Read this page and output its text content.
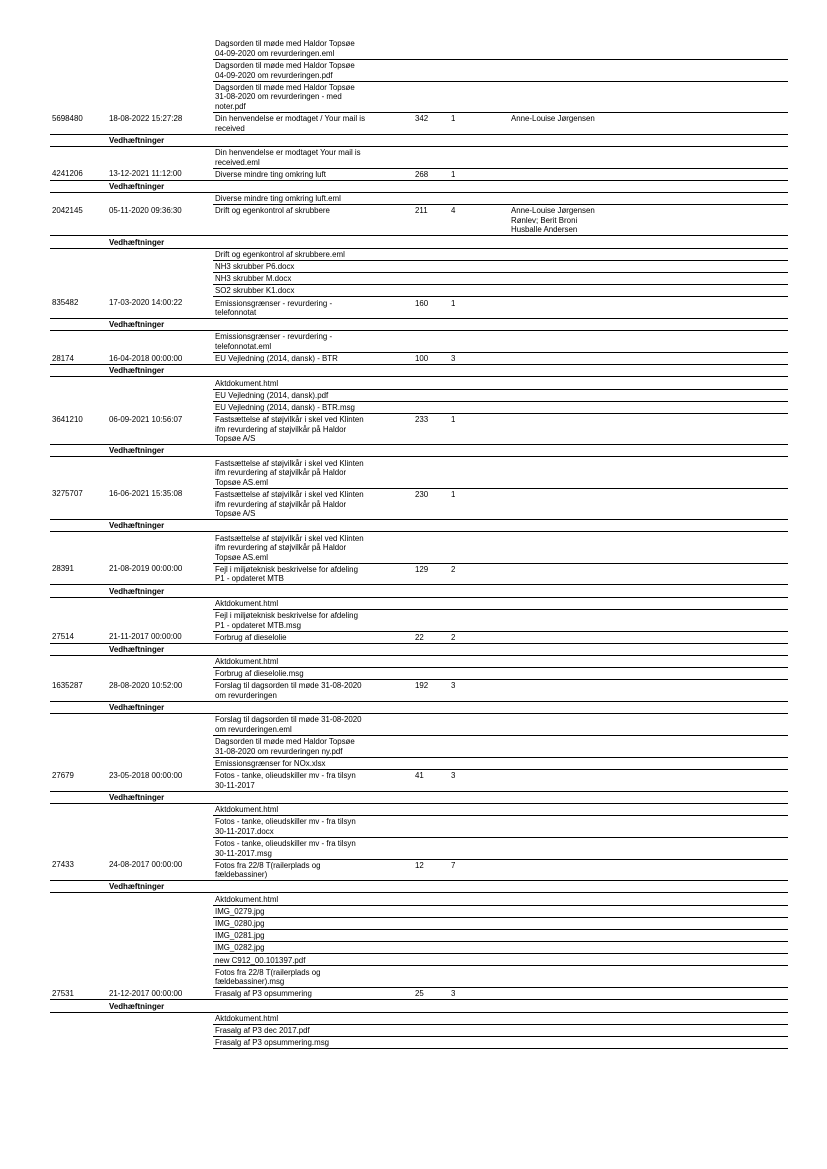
		Dagsorden til møde med Haldor Topsøe
04-09-2020 om revurderingen.eml			
		Dagsorden til møde med Haldor Topsøe
04-09-2020 om revurderingen.pdf			
		Dagsorden til møde med Haldor Topsøe
31-08-2020 om revurderingen - med
noter.pdf			
5698480	18-08-2022 15:27:28	Din henvendelse er modtaget / Your mail is
received	342	1	Anne-Louise Jørgensen
	Vedhæftninger				
		Din henvendelse er modtaget Your mail is
received.eml			
4241206	13-12-2021 11:12:00	Diverse mindre ting omkring luft	268	1	
	Vedhæftninger				
		Diverse mindre ting omkring luft.eml			
2042145	05-11-2020 09:36:30	Drift og egenkontrol af skrubbere	211	4	Anne-Louise Jørgensen
Rønlev; Berit Broni
Husballe Andersen
	Vedhæftninger				
		Drift og egenkontrol af skrubbere.eml			
		NH3 skrubber P6.docx			
		NH3 skrubber M.docx			
		SO2 skrubber K1.docx			
835482	17-03-2020 14:00:22	Emissionsgrænser - revurdering -
telefonnotat	160	1	
	Vedhæftninger				
		Emissionsgrænser - revurdering -
telefonnotat.eml			
28174	16-04-2018 00:00:00	EU Vejledning (2014, dansk) - BTR	100	3	
	Vedhæftninger				
		Aktdokument.html			
		EU Vejledning (2014, dansk).pdf			
		EU Vejledning (2014, dansk) - BTR.msg			
3641210	06-09-2021 10:56:07	Fastsættelse af støjvilkår i skel ved Klinten
ifm revurdering af støjvilkår på Haldor
Topsøe A/S	233	1	
	Vedhæftninger				
		Fastsættelse af støjvilkår i skel ved Klinten
ifm revurdering af støjvilkår på Haldor
Topsøe AS.eml			
3275707	16-06-2021 15:35:08	Fastsættelse af støjvilkår i skel ved Klinten
ifm revurdering af støjvilkår på Haldor
Topsøe A/S	230	1	
	Vedhæftninger				
		Fastsættelse af støjvilkår i skel ved Klinten
ifm revurdering af støjvilkår på Haldor
Topsøe AS.eml			
28391	21-08-2019 00:00:00	Fejl i miljøteknisk beskrivelse for afdeling
P1 - opdateret MTB	129	2	
	Vedhæftninger				
		Aktdokument.html			
		Fejl i miljøteknisk beskrivelse for afdeling
P1 - opdateret MTB.msg			
27514	21-11-2017 00:00:00	Forbrug af dieselolie	22	2	
	Vedhæftninger				
		Aktdokument.html			
		Forbrug af dieselolie.msg			
1635287	28-08-2020 10:52:00	Forslag til dagsorden til møde 31-08-2020
om revurderingen	192	3	
	Vedhæftninger				
		Forslag til dagsorden til møde 31-08-2020
om revurderingen.eml			
		Dagsorden til møde med Haldor Topsøe
31-08-2020 om revurderingen ny.pdf			
		Emissionsgrænser for NOx.xlsx			
27679	23-05-2018 00:00:00	Fotos - tanke, olieudskiller mv - fra tilsyn
30-11-2017	41	3	
	Vedhæftninger				
		Aktdokument.html			
		Fotos - tanke, olieudskiller mv - fra tilsyn
30-11-2017.docx			
		Fotos - tanke, olieudskiller mv - fra tilsyn
30-11-2017.msg			
27433	24-08-2017 00:00:00	Fotos fra 22/8 T(railerplads og
fældebassiner)	12	7	
	Vedhæftninger				
		Aktdokument.html			
		IMG_0279.jpg			
		IMG_0280.jpg			
		IMG_0281.jpg			
		IMG_0282.jpg			
		new C912_00.101397.pdf			
		Fotos fra 22/8 T(railerplads og
fældebassiner).msg			
27531	21-12-2017 00:00:00	Frasalg af P3 opsummering	25	3	
	Vedhæftninger				
		Aktdokument.html			
		Frasalg af P3 dec 2017.pdf			
		Frasalg af P3 opsummering.msg			
